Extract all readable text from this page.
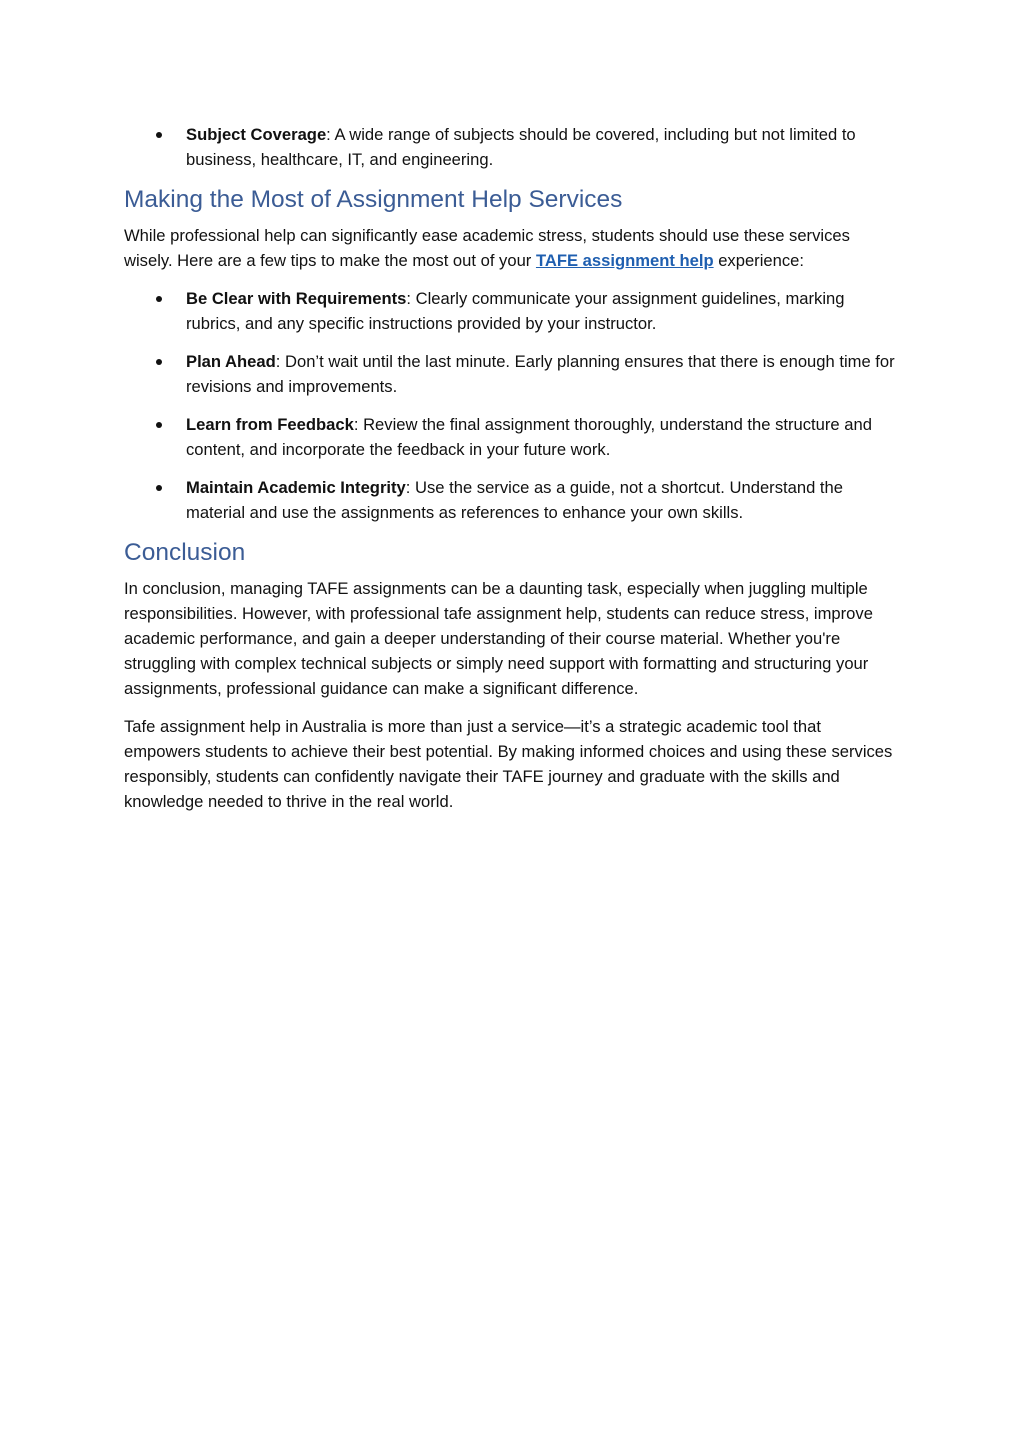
Subject Coverage: A wide range of subjects should be covered, including but not limited to business, healthcare, IT, and engineering.
Making the Most of Assignment Help Services

While professional help can significantly ease academic stress, students should use these services wisely. Here are a few tips to make the most out of your TAFE assignment help experience:

Be Clear with Requirements: Clearly communicate your assignment guidelines, marking rubrics, and any specific instructions provided by your instructor.
Plan Ahead: Don’t wait until the last minute. Early planning ensures that there is enough time for revisions and improvements.
Learn from Feedback: Review the final assignment thoroughly, understand the structure and content, and incorporate the feedback in your future work.
Maintain Academic Integrity: Use the service as a guide, not a shortcut. Understand the material and use the assignments as references to enhance your own skills.
Conclusion

In conclusion, managing TAFE assignments can be a daunting task, especially when juggling multiple responsibilities. However, with professional tafe assignment help, students can reduce stress, improve academic performance, and gain a deeper understanding of their course material. Whether you're struggling with complex technical subjects or simply need support with formatting and structuring your assignments, professional guidance can make a significant difference.

Tafe assignment help in Australia is more than just a service—it’s a strategic academic tool that empowers students to achieve their best potential. By making informed choices and using these services responsibly, students can confidently navigate their TAFE journey and graduate with the skills and knowledge needed to thrive in the real world.
